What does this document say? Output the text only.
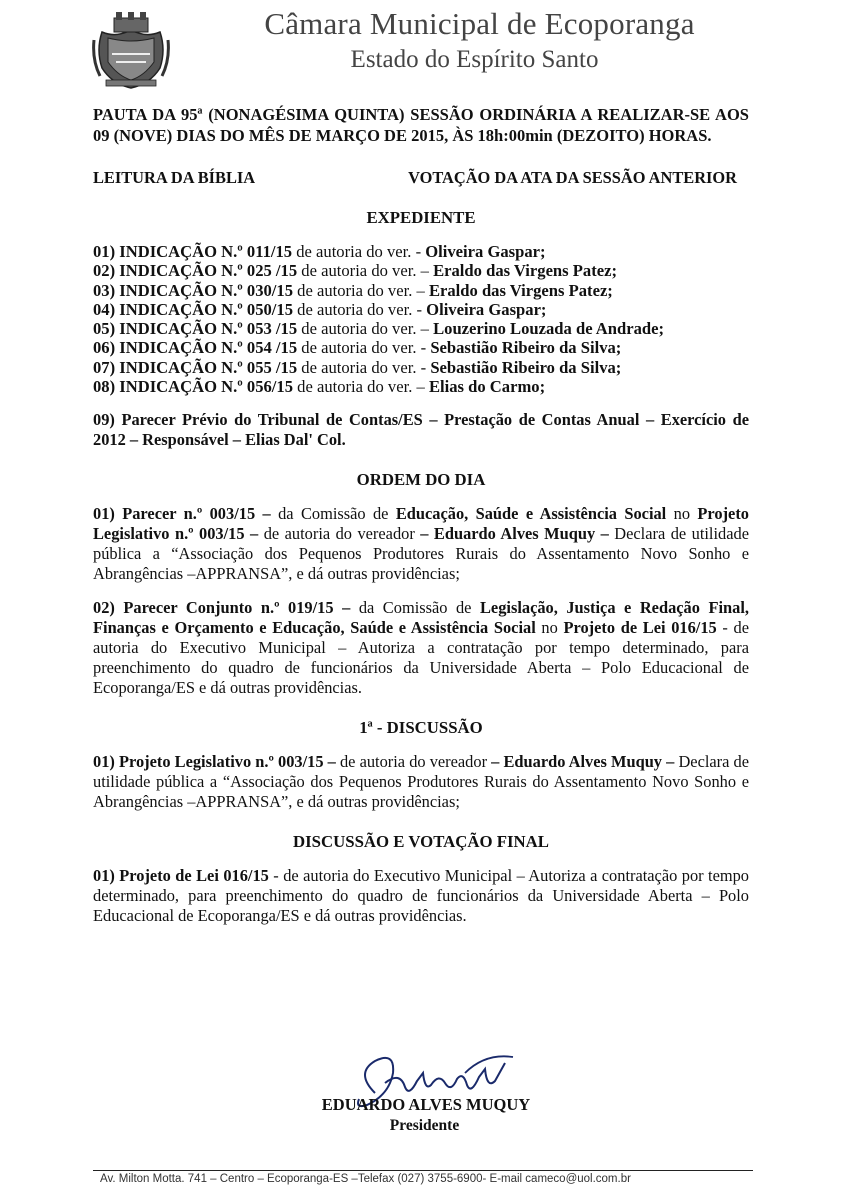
Câmara Municipal de Ecoporanga
Estado do Espírito Santo
PAUTA DA 95ª (NONAGÉSIMA QUINTA) SESSÃO ORDINÁRIA A REALIZAR-SE AOS 09 (NOVE) DIAS DO MÊS DE MARÇO DE 2015, ÀS 18h:00min (DEZOITO) HORAS.
LEITURA DA BÍBLIA	VOTAÇÃO DA ATA DA SESSÃO ANTERIOR
EXPEDIENTE
01) INDICAÇÃO N.º 011/15 de autoria do ver. - Oliveira Gaspar;
02) INDICAÇÃO N.º 025 /15 de autoria do ver. – Eraldo das Virgens Patez;
03) INDICAÇÃO N.º 030/15 de autoria do ver. – Eraldo das Virgens Patez;
04) INDICAÇÃO N.º 050/15 de autoria do ver. - Oliveira Gaspar;
05) INDICAÇÃO N.º 053 /15 de autoria do ver. – Louzerino Louzada de Andrade;
06) INDICAÇÃO N.º 054 /15 de autoria do ver. - Sebastião Ribeiro da Silva;
07) INDICAÇÃO N.º 055 /15 de autoria do ver. - Sebastião Ribeiro da Silva;
08) INDICAÇÃO N.º 056/15 de autoria do ver. – Elias do Carmo;
09) Parecer Prévio do Tribunal de Contas/ES – Prestação de Contas Anual – Exercício de 2012 – Responsável – Elias Dal' Col.
ORDEM DO DIA
01) Parecer n.º 003/15 – da Comissão de Educação, Saúde e Assistência Social no Projeto Legislativo n.º 003/15 – de autoria do vereador – Eduardo Alves Muquy – Declara de utilidade pública a “Associação dos Pequenos Produtores Rurais do Assentamento Novo Sonho e Abrangências –APPRANSA”, e dá outras providências;
02) Parecer Conjunto n.º 019/15 – da Comissão de Legislação, Justiça e Redação Final, Finanças e Orçamento e Educação, Saúde e Assistência Social no Projeto de Lei 016/15 - de autoria do Executivo Municipal – Autoriza a contratação por tempo determinado, para preenchimento do quadro de funcionários da Universidade Aberta – Polo Educacional de Ecoporanga/ES e dá outras providências.
1ª - DISCUSSÃO
01) Projeto Legislativo n.º 003/15 – de autoria do vereador – Eduardo Alves Muquy – Declara de utilidade pública a “Associação dos Pequenos Produtores Rurais do Assentamento Novo Sonho e Abrangências –APPRANSA”, e dá outras providências;
DISCUSSÃO E VOTAÇÃO FINAL
01) Projeto de Lei 016/15 - de autoria do Executivo Municipal – Autoriza a contratação por tempo determinado, para preenchimento do quadro de funcionários da Universidade Aberta – Polo Educacional de Ecoporanga/ES e dá outras providências.
EDUARDO ALVES MUQUY
Presidente
Av. Milton Motta. 741 – Centro – Ecoporanga-ES –Telefax (027) 3755-6900- E-mail cameco@uol.com.br
